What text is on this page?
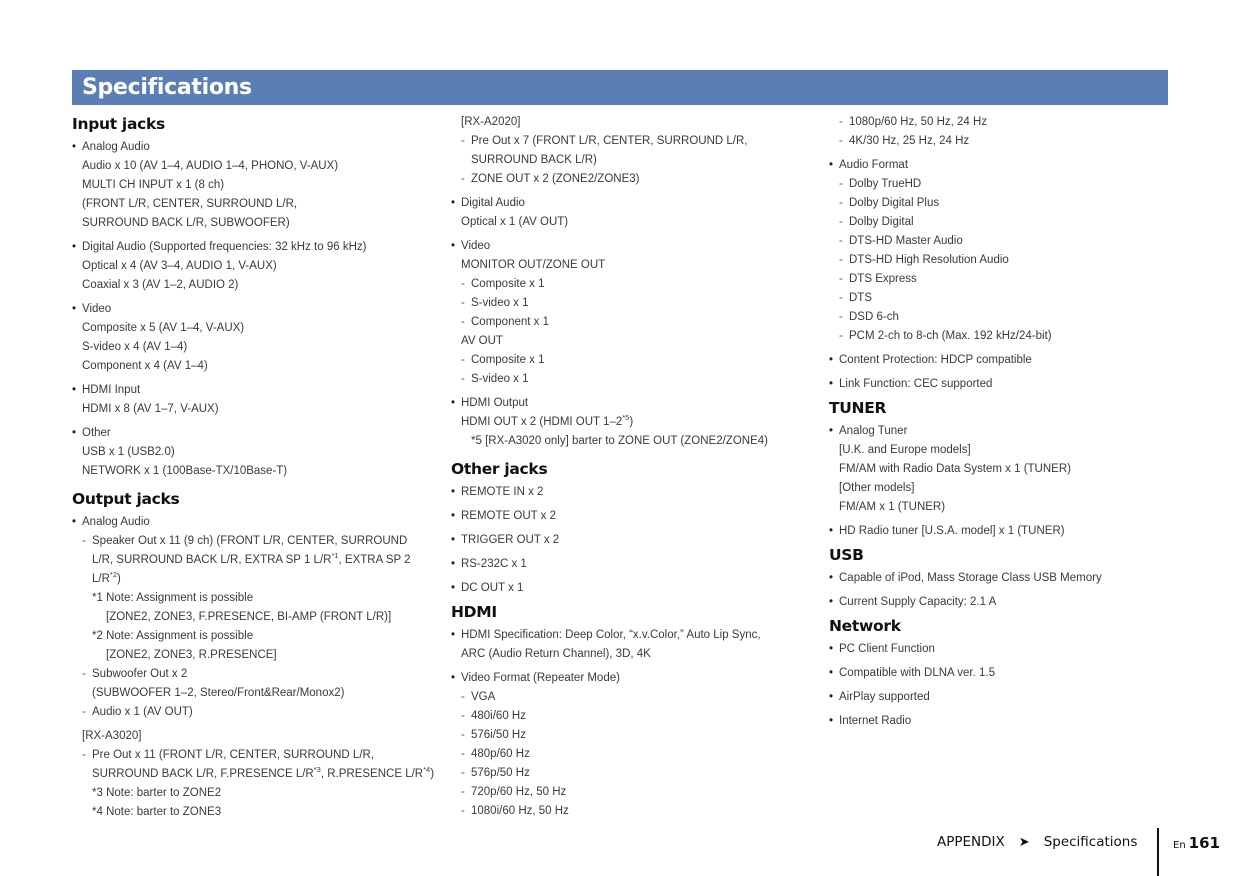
Specifications
Input jacks
• Analog Audio
Audio x 10 (AV 1–4, AUDIO 1–4, PHONO, V-AUX)
MULTI CH INPUT x 1 (8 ch)
(FRONT L/R, CENTER, SURROUND L/R,
SURROUND BACK L/R, SUBWOOFER)
• Digital Audio (Supported frequencies: 32 kHz to 96 kHz)
Optical x 4 (AV 3–4, AUDIO 1, V-AUX)
Coaxial x 3 (AV 1–2, AUDIO 2)
• Video
Composite x 5 (AV 1–4, V-AUX)
S-video x 4 (AV 1–4)
Component x 4 (AV 1–4)
• HDMI Input
HDMI x 8 (AV 1–7, V-AUX)
• Other
USB x 1 (USB2.0)
NETWORK x 1 (100Base-TX/10Base-T)
Output jacks
• Analog Audio
- Speaker Out x 11 (9 ch) (FRONT L/R, CENTER, SURROUND
L/R, SURROUND BACK L/R, EXTRA SP 1 $L/R^{*1}$, EXTRA SP 2
$L/R^{*2}$)
*1 Note: Assignment is possible
[ZONE2, ZONE3, F.PRESENCE, BI-AMP (FRONT L/R)]
*2 Note: Assignment is possible
[ZONE2, ZONE3, R.PRESENCE]
- Subwoofer Out x 2
(SUBWOOFER 1–2, Stereo/Front&Rear/Monox2)
- Audio x 1 (AV OUT)
[RX-A3020]
- Pre Out x 11 (FRONT L/R, CENTER, SURROUND L/R,
SURROUND BACK L/R, F.PRESENCE $L/R^{*3}$, R.PRESENCE $L/R^{*4}$)
*3 Note: barter to ZONE2
*4 Note: barter to ZONE3
[RX-A2020]
- Pre Out x 7 (FRONT L/R, CENTER, SURROUND L/R,
SURROUND BACK L/R)
- ZONE OUT x 2 (ZONE2/ZONE3)
• Digital Audio
Optical x 1 (AV OUT)
• Video
MONITOR OUT/ZONE OUT
- Composite x 1
- S-video x 1
- Component x 1
AV OUT
- Composite x 1
- S-video x 1
• HDMI Output
HDMI OUT x 2 (HDMI OUT 1–2$^{*5}$)
*5 [RX-A3020 only] barter to ZONE OUT (ZONE2/ZONE4)
Other jacks
• REMOTE IN x 2
• REMOTE OUT x 2
• TRIGGER OUT x 2
• RS-232C x 1
• DC OUT x 1
HDMI
• HDMI Specification: Deep Color, “x.v.Color,” Auto Lip Sync,
ARC (Audio Return Channel), 3D, 4K
• Video Format (Repeater Mode)
- VGA
- 480i/60 Hz
- 576i/50 Hz
- 480p/60 Hz
- 576p/50 Hz
- 720p/60 Hz, 50 Hz
- 1080i/60 Hz, 50 Hz
- 1080p/60 Hz, 50 Hz, 24 Hz
- 4K/30 Hz, 25 Hz, 24 Hz
• Audio Format
- Dolby TrueHD
- Dolby Digital Plus
- Dolby Digital
- DTS-HD Master Audio
- DTS-HD High Resolution Audio
- DTS Express
- DTS
- DSD 6-ch
- PCM 2-ch to 8-ch (Max. 192 kHz/24-bit)
• Content Protection: HDCP compatible
• Link Function: CEC supported
TUNER
• Analog Tuner
[U.K. and Europe models]
FM/AM with Radio Data System x 1 (TUNER)
[Other models]
FM/AM x 1 (TUNER)
• HD Radio tuner [U.S.A. model] x 1 (TUNER)
USB
• Capable of iPod, Mass Storage Class USB Memory
• Current Supply Capacity: 2.1 A
Network
• PC Client Function
• Compatible with DLNA ver. 1.5
• AirPlay supported
• Internet Radio
APPENDIX ➤ Specifications	En 161
